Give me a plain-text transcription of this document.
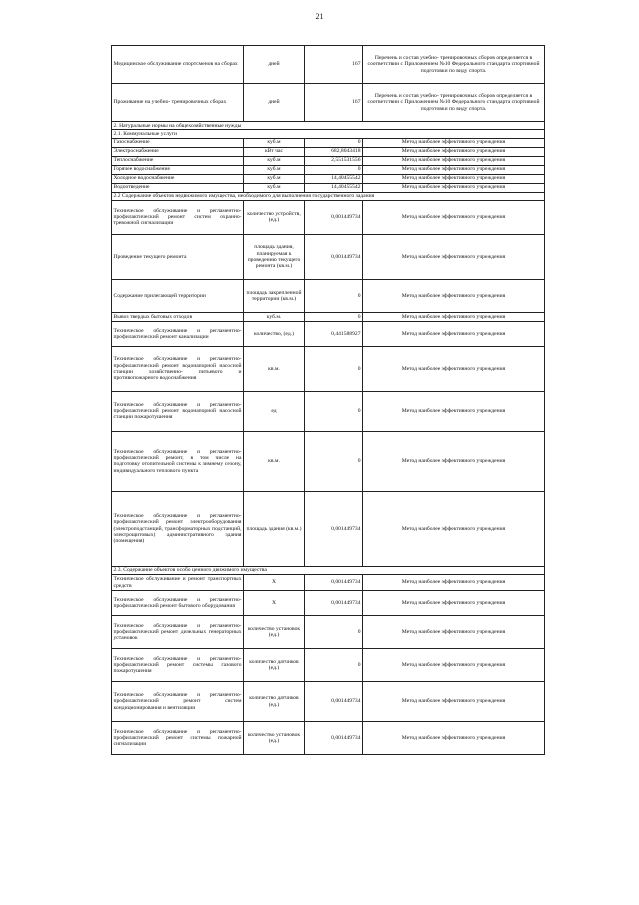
21
Медицинское обслуживание спортсменов на сборах	дней	167	Перечень и состав учебно- тренировочных сборов определяется в соответствии с Приложением №10 Федерального стандарта спортивной подготовки по виду спорта.
Проживание на учебно- тренировочных сборах	дней	167	Перечень и состав учебно- тренировочных сборов определяется в соответствии с Приложением №10 Федерального стандарта спортивной подготовки по виду спорта.
2. Натуральные нормы на общехозяйственные нужды			
2.1. Коммунальные услуги			
Газоснабжение	куб.м	0	Метод наиболее эффективного учреждения
Электроснабжение	кВт час	682,8043418	Метод наиболее эффективного учреждения
Теплоснабжение	куб.м	2,551531556	Метод наиболее эффективного учреждения
Горячее водоснабжение	куб.м	0	Метод наиболее эффективного учреждения
Холодное водоснабжение	куб.м	14,40455542	Метод наиболее эффективного учреждения
Водоотведение	куб.м	14,40455542	Метод наиболее эффективного учреждения
2.2 Содержание объектов недвижимого имущества, необходимого для выполнения государственного задания			
Техническое обслуживание и регламентно- профилактический ремонт систем охранно- тревожной сигнализации	количество устройств, (ед.)	0,001449734	Метод наиболее эффективного учреждения
Проведение текущего ремонта	площадь здания, планируемая к проведению текущего ремонта (кв.м.)	0,001449734	Метод наиболее эффективного учреждения
Содержание прилегающей территории	площадь закрепленной территории (кв.м.)	0	Метод наиболее эффективного учреждения
Вывоз твердых бытовых отходов	куб.м.	0	Метод наиболее эффективного учреждения
Техническое обслуживание и регламентно- профилактический ремонт канализации	количество, (ед.)	0,441588927	Метод наиболее эффективного учреждения
Техническое обслуживание и регламентно- профилактический ремонт водонапорной насосной станции хозяйственно- питьевого и противопожарного водоснабжения	кв.м.	0	Метод наиболее эффективного учреждения
Техническое обслуживание и регламентно- профилактический ремонт водонапорной насосной станции пожаротушения	ед	0	Метод наиболее эффективного учреждения
Техническое обслуживание и регламентно- профилактический ремонт, в том числе на подготовку отопительной системы к зимнему сезону, индивидуального теплового пункта	кв.м.	0	Метод наиболее эффективного учреждения
Техническое обслуживание и регламентно- профилактический ремонт электрооборудования (электроподстанций, трансформаторных подстанций, электрощитовых) административного здания (помещения)	площадь здания (кв.м.)	0,001449734	Метод наиболее эффективного учреждения
2.3. Содержание объектов особо ценного движимого имущества			
Техническое обслуживание и ремонт транспортных средств	X	0,001449734	Метод наиболее эффективного учреждения
Техническое обслуживание и регламентно- профилактический ремонт бытового оборудования	X	0,001449734	Метод наиболее эффективного учреждения
Техническое обслуживание и регламентно- профилактический ремонт дизельных генераторных установок	количество установок (ед.)	0	Метод наиболее эффективного учреждения
Техническое обслуживание и регламентно- профилактический ремонт системы газового пожаротушения	количество датчиков (ед.)	0	Метод наиболее эффективного учреждения
Техническое обслуживание и регламентно- профилактический ремонт систем кондиционирования и вентиляции	количество датчиков (ед.)	0,001449734	Метод наиболее эффективного учреждения
Техническое обслуживание и регламентно- профилактический ремонт системы пожарной сигнализации	количество установок (ед.)	0,001449734	Метод наиболее эффективного учреждения
